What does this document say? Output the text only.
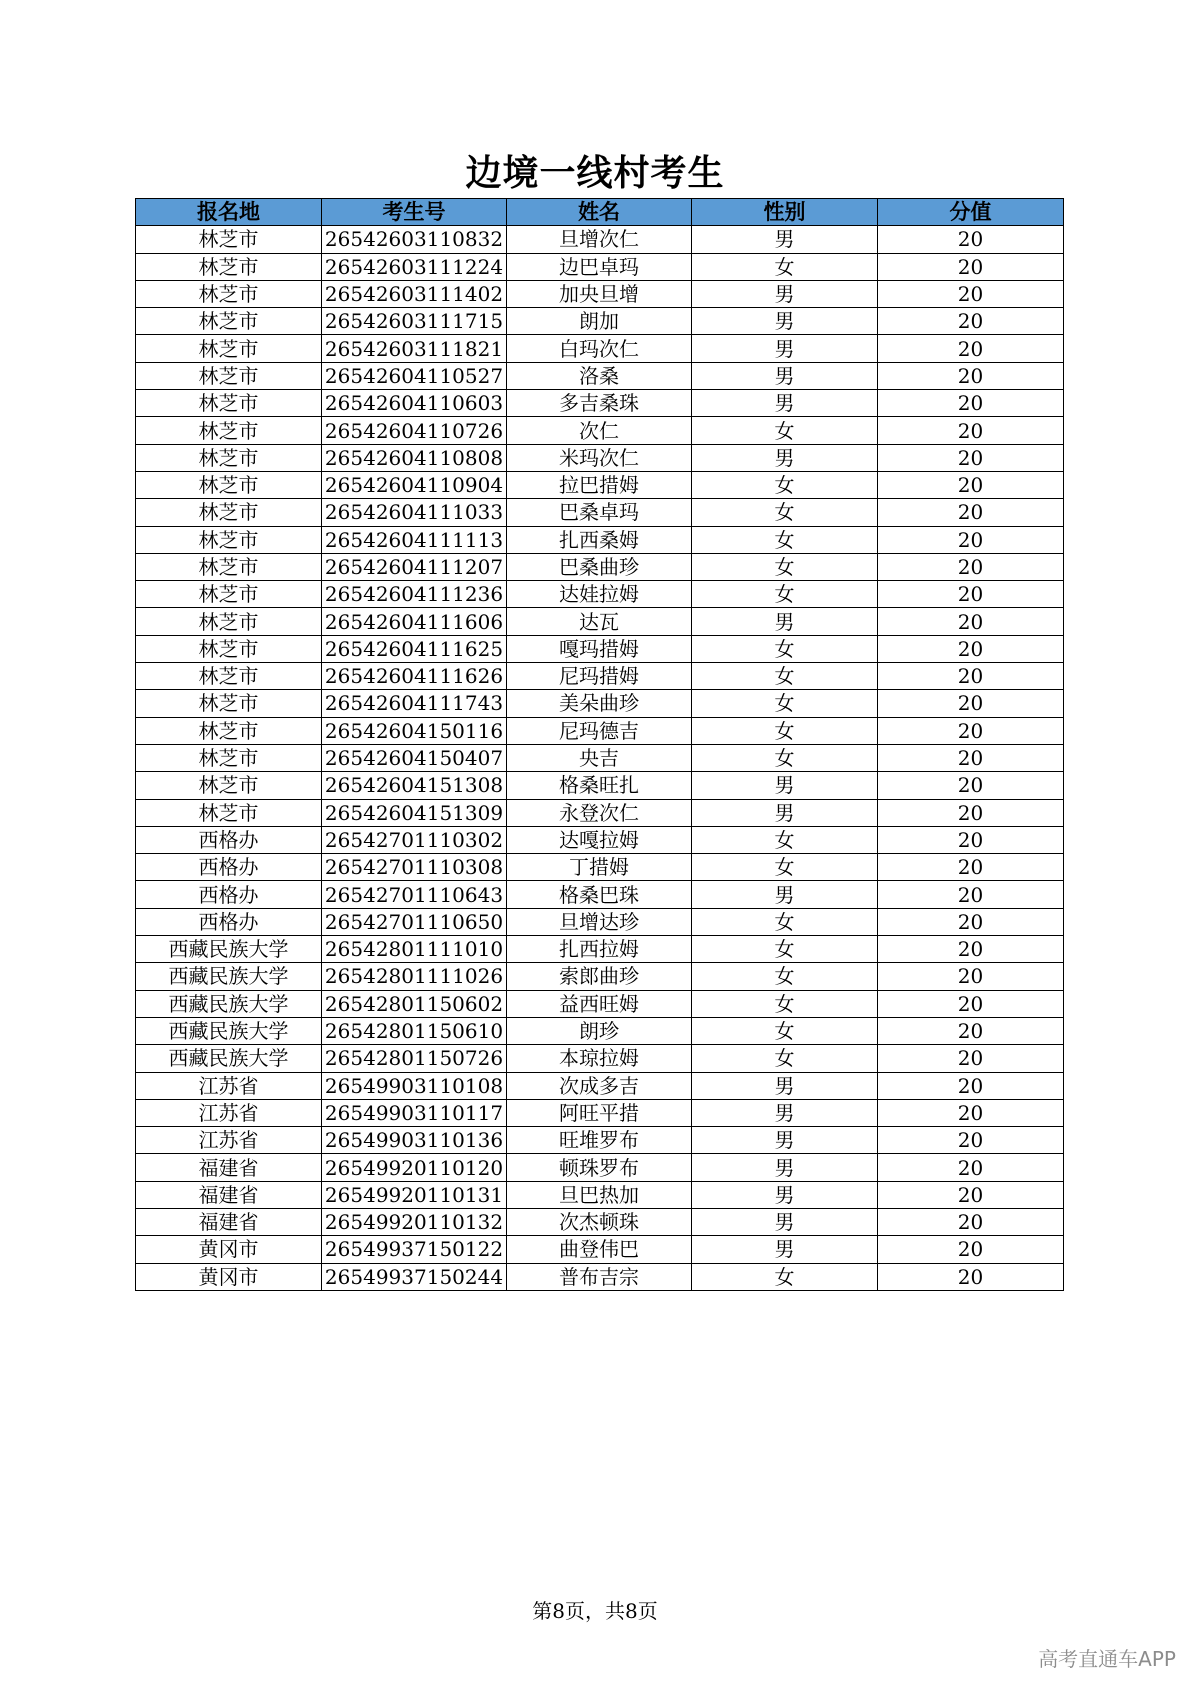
边境一线村考生
报名地	考生号	姓名	性别	分值
林芝市	26542603110832	旦增次仁	男	20
林芝市	26542603111224	边巴卓玛	女	20
林芝市	26542603111402	加央旦增	男	20
林芝市	26542603111715	朗加	男	20
林芝市	26542603111821	白玛次仁	男	20
林芝市	26542604110527	洛桑	男	20
林芝市	26542604110603	多吉桑珠	男	20
林芝市	26542604110726	次仁	女	20
林芝市	26542604110808	米玛次仁	男	20
林芝市	26542604110904	拉巴措姆	女	20
林芝市	26542604111033	巴桑卓玛	女	20
林芝市	26542604111113	扎西桑姆	女	20
林芝市	26542604111207	巴桑曲珍	女	20
林芝市	26542604111236	达娃拉姆	女	20
林芝市	26542604111606	达瓦	男	20
林芝市	26542604111625	嘎玛措姆	女	20
林芝市	26542604111626	尼玛措姆	女	20
林芝市	26542604111743	美朵曲珍	女	20
林芝市	26542604150116	尼玛德吉	女	20
林芝市	26542604150407	央吉	女	20
林芝市	26542604151308	格桑旺扎	男	20
林芝市	26542604151309	永登次仁	男	20
西格办	26542701110302	达嘎拉姆	女	20
西格办	26542701110308	丁措姆	女	20
西格办	26542701110643	格桑巴珠	男	20
西格办	26542701110650	旦增达珍	女	20
西藏民族大学	26542801111010	扎西拉姆	女	20
西藏民族大学	26542801111026	索郎曲珍	女	20
西藏民族大学	26542801150602	益西旺姆	女	20
西藏民族大学	26542801150610	朗珍	女	20
西藏民族大学	26542801150726	本琼拉姆	女	20
江苏省	26549903110108	次成多吉	男	20
江苏省	26549903110117	阿旺平措	男	20
江苏省	26549903110136	旺堆罗布	男	20
福建省	26549920110120	顿珠罗布	男	20
福建省	26549920110131	旦巴热加	男	20
福建省	26549920110132	次杰顿珠	男	20
黄冈市	26549937150122	曲登伟巴	男	20
黄冈市	26549937150244	普布吉宗	女	20
第8页，共8页
高考直通车APP
